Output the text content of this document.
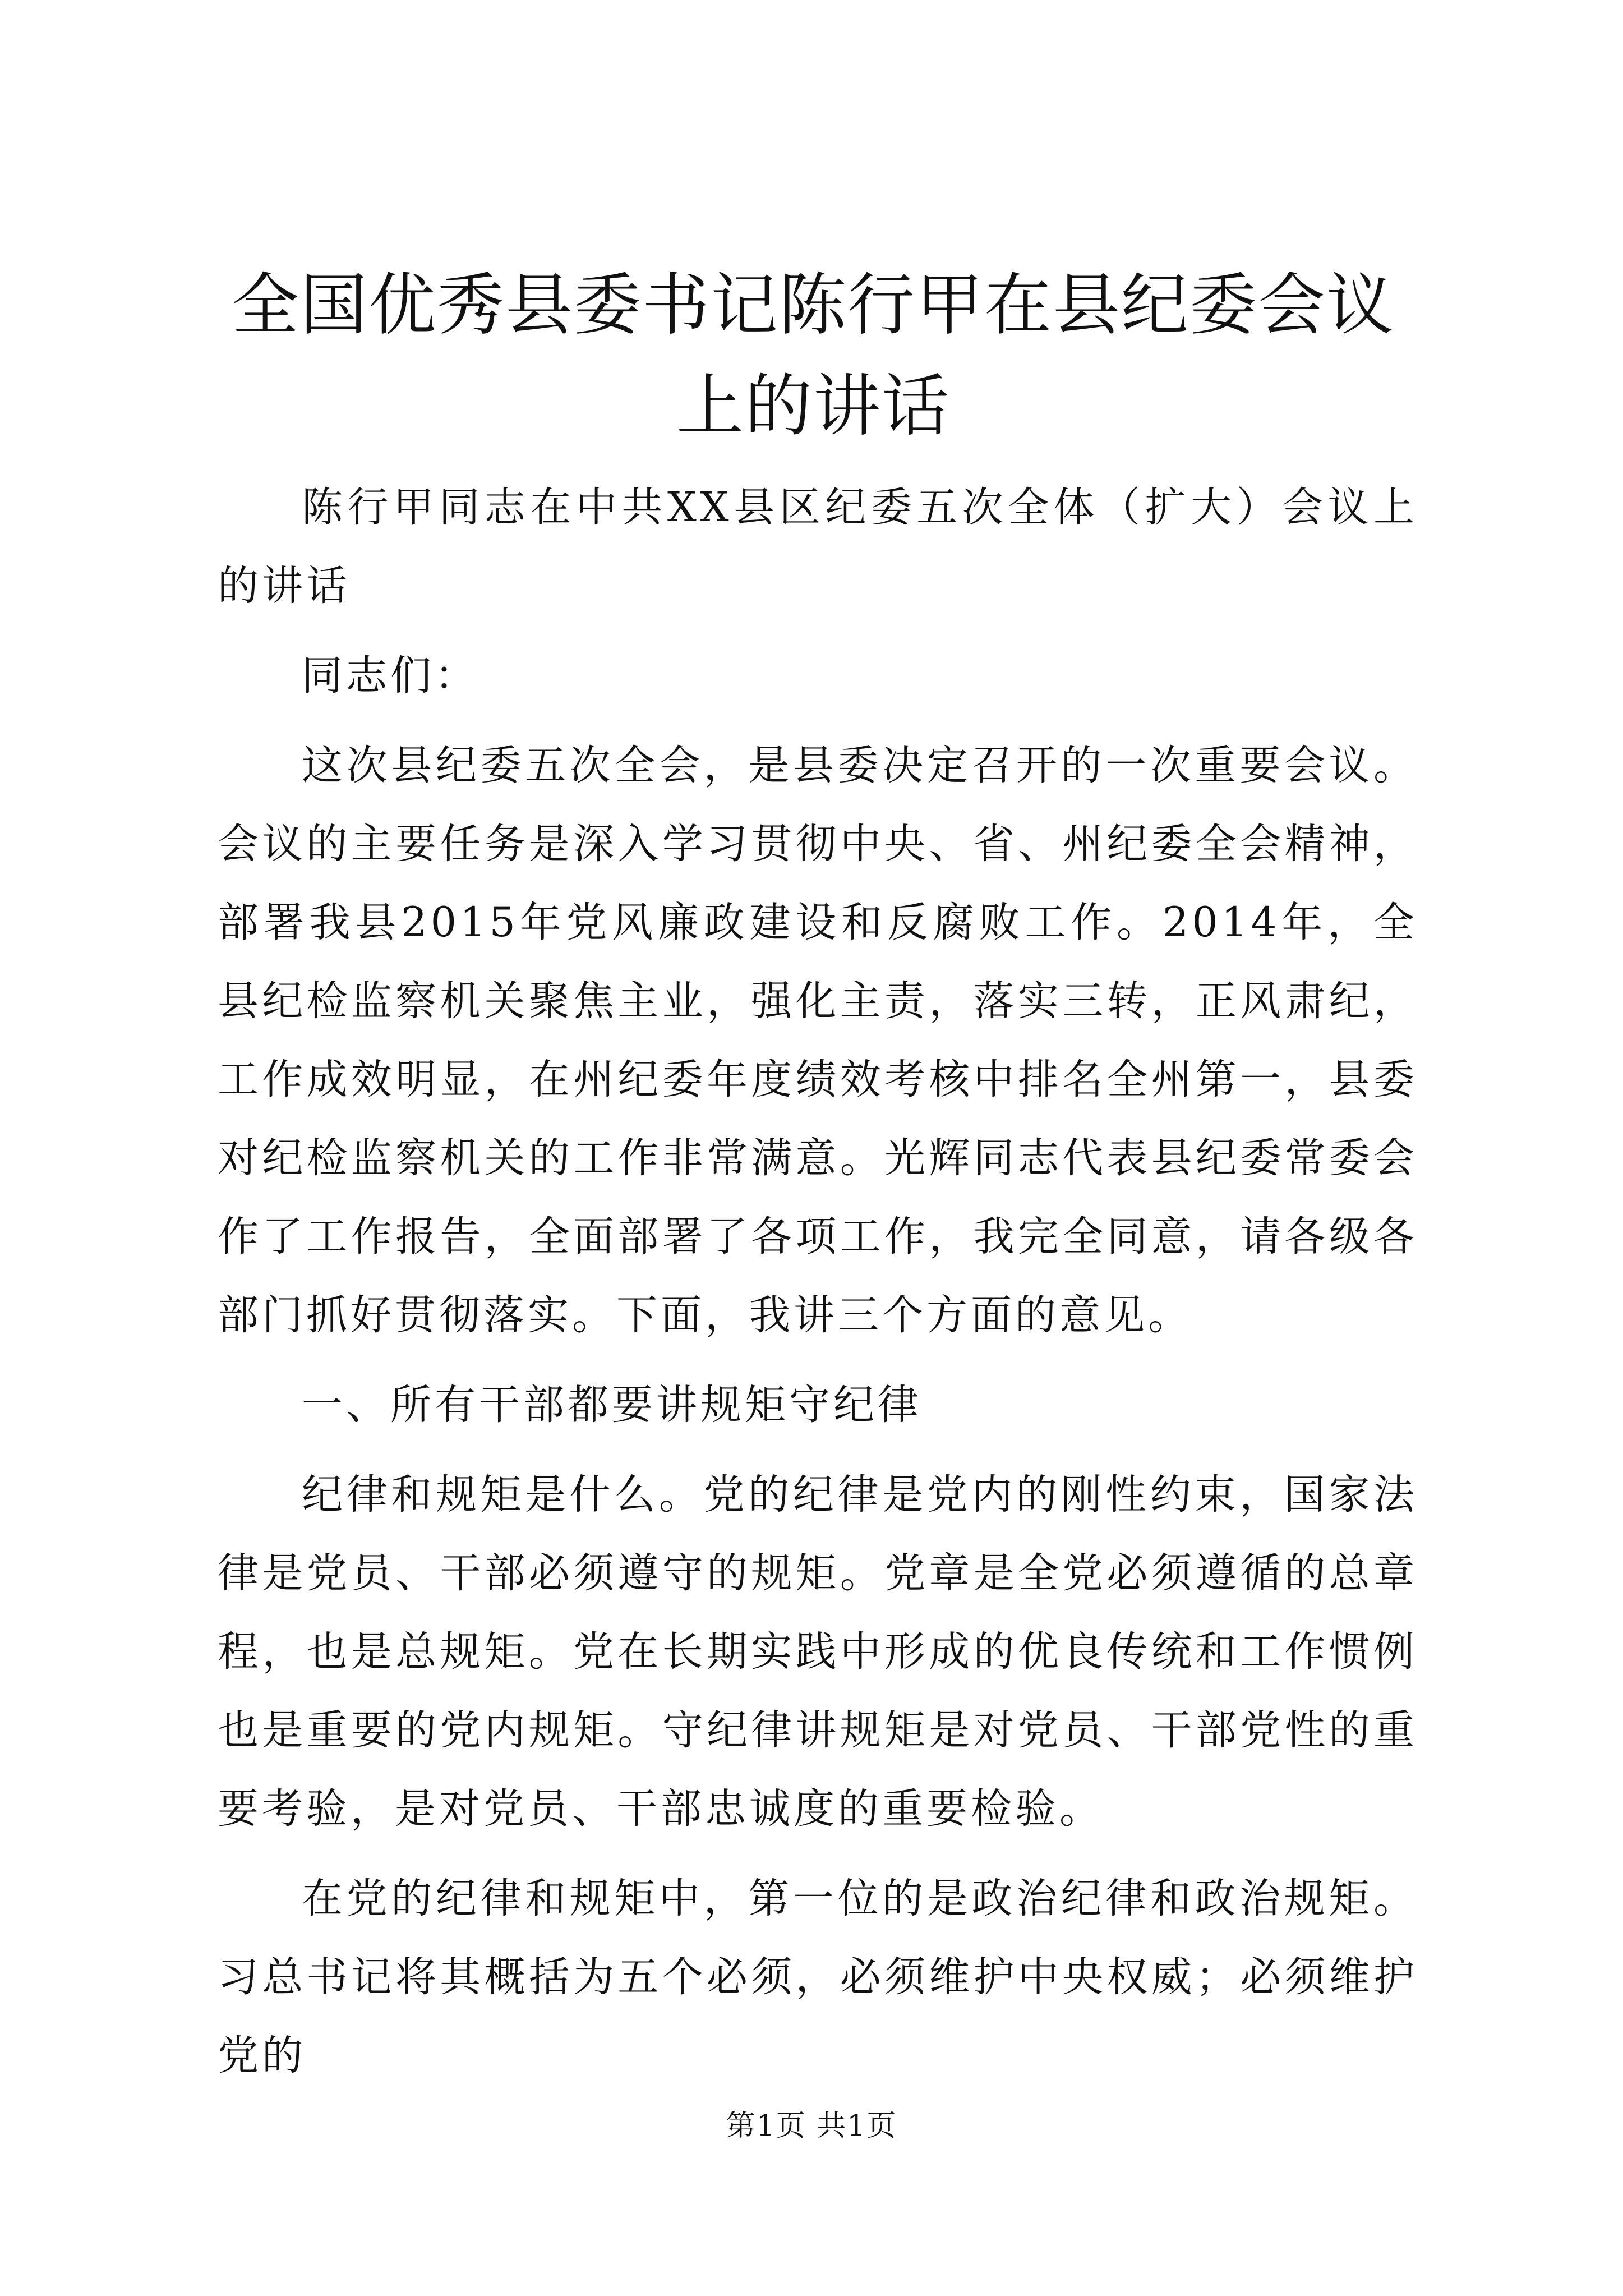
全国优秀县委书记陈行甲在县纪委会议上的讲话

陈行甲同志在中共XX县区纪委五次全体（扩大）会议上的讲话

同志们：

这次县纪委五次全会，是县委决定召开的一次重要会议。会议的主要任务是深入学习贯彻中央、省、州纪委全会精神，部署我县2015年党风廉政建设和反腐败工作。2014年，全县纪检监察机关聚焦主业，强化主责，落实三转，正风肃纪，工作成效明显，在州纪委年度绩效考核中排名全州第一，县委对纪检监察机关的工作非常满意。光辉同志代表县纪委常委会作了工作报告，全面部署了各项工作，我完全同意，请各级各部门抓好贯彻落实。下面，我讲三个方面的意见。

一、所有干部都要讲规矩守纪律

纪律和规矩是什么。党的纪律是党内的刚性约束，国家法律是党员、干部必须遵守的规矩。党章是全党必须遵循的总章程，也是总规矩。党在长期实践中形成的优良传统和工作惯例也是重要的党内规矩。守纪律讲规矩是对党员、干部党性的重要考验，是对党员、干部忠诚度的重要检验。

在党的纪律和规矩中，第一位的是政治纪律和政治规矩。习总书记将其概括为五个必须，必须维护中央权威；必须维护党的

第1页 共1页
